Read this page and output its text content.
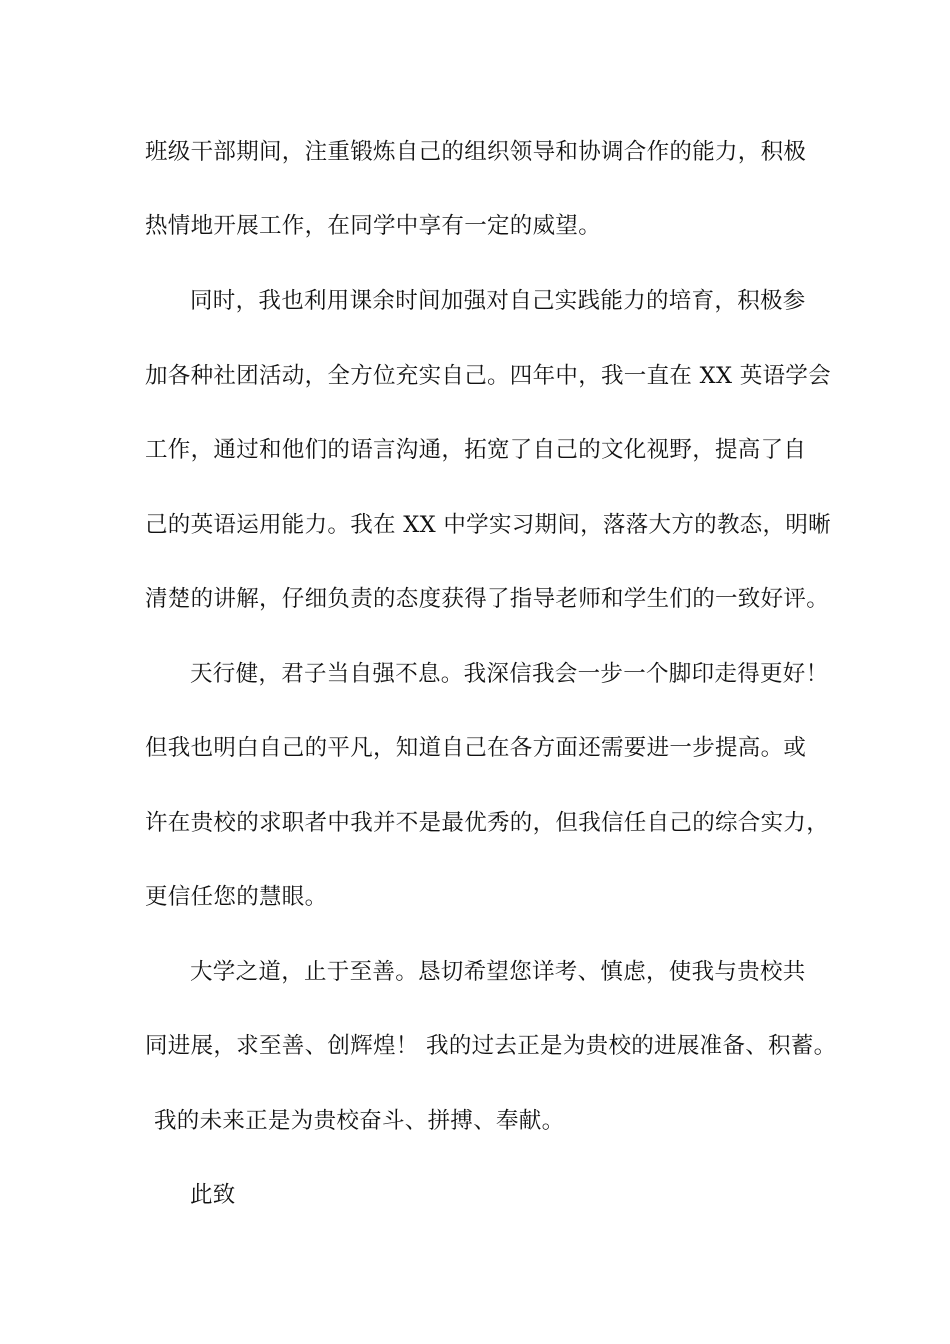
班级干部期间，注重锻炼自己的组织领导和协调合作的能力，积极
热情地开展工作，在同学中享有一定的威望。
同时，我也利用课余时间加强对自己实践能力的培育，积极参
加各种社团活动，全方位充实自己。四年中，我一直在 XX 英语学会
工作，通过和他们的语言沟通，拓宽了自己的文化视野，提高了自
己的英语运用能力。我在 XX 中学实习期间，落落大方的教态，明晰
清楚的讲解，仔细负责的态度获得了指导老师和学生们的一致好评。
天行健，君子当自强不息。我深信我会一步一个脚印走得更好！
但我也明白自己的平凡，知道自己在各方面还需要进一步提高。或
许在贵校的求职者中我并不是最优秀的，但我信任自己的综合实力，
更信任您的慧眼。
大学之道，止于至善。恳切希望您详考、慎虑，使我与贵校共
同进展，求至善、创辉煌！ 我的过去正是为贵校的进展准备、积蓄。
我的未来正是为贵校奋斗、拼搏、奉献。
此致
